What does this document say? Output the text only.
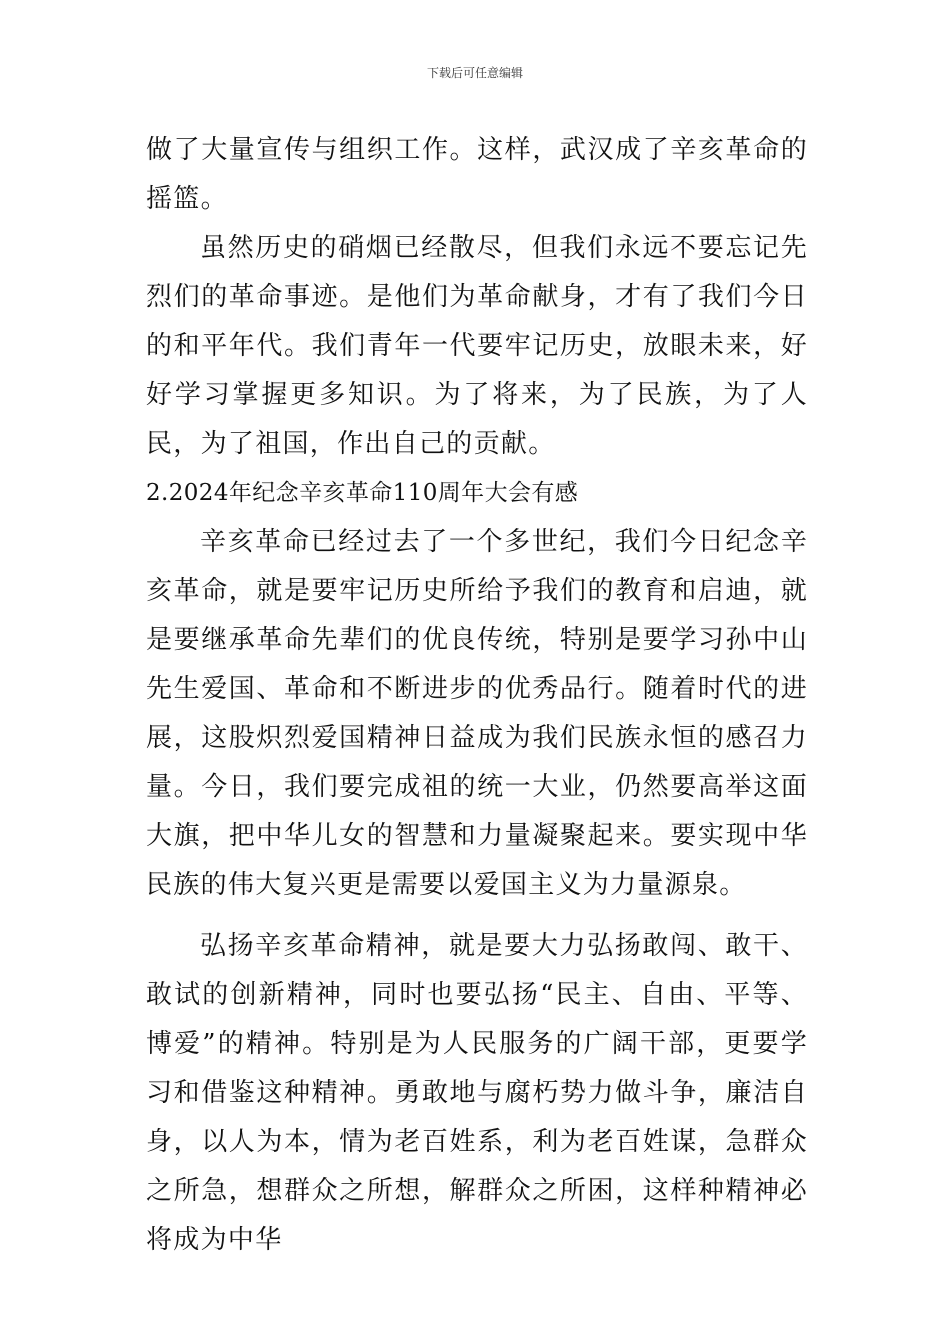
下载后可任意编辑

做了大量宣传与组织工作。这样，武汉成了辛亥革命的摇篮。

虽然历史的硝烟已经散尽，但我们永远不要忘记先烈们的革命事迹。是他们为革命献身，才有了我们今日的和平年代。我们青年一代要牢记历史，放眼未来，好好学习掌握更多知识。为了将来，为了民族，为了人民，为了祖国，作出自己的贡献。

2.2024年纪念辛亥革命110周年大会有感

辛亥革命已经过去了一个多世纪，我们今日纪念辛亥革命，就是要牢记历史所给予我们的教育和启迪，就是要继承革命先辈们的优良传统，特别是要学习孙中山先生爱国、革命和不断进步的优秀品行。随着时代的进展，这股炽烈爱国精神日益成为我们民族永恒的感召力量。今日，我们要完成祖的统一大业，仍然要高举这面大旗，把中华儿女的智慧和力量凝聚起来。要实现中华民族的伟大复兴更是需要以爱国主义为力量源泉。

弘扬辛亥革命精神，就是要大力弘扬敢闯、敢干、敢试的创新精神，同时也要弘扬“民主、自由、平等、博爱”的精神。特别是为人民服务的广阔干部，更要学习和借鉴这种精神。勇敢地与腐朽势力做斗争，廉洁自身，以人为本，情为老百姓系，利为老百姓谋，急群众之所急，想群众之所想，解群众之所困，这样种精神必将成为中华
